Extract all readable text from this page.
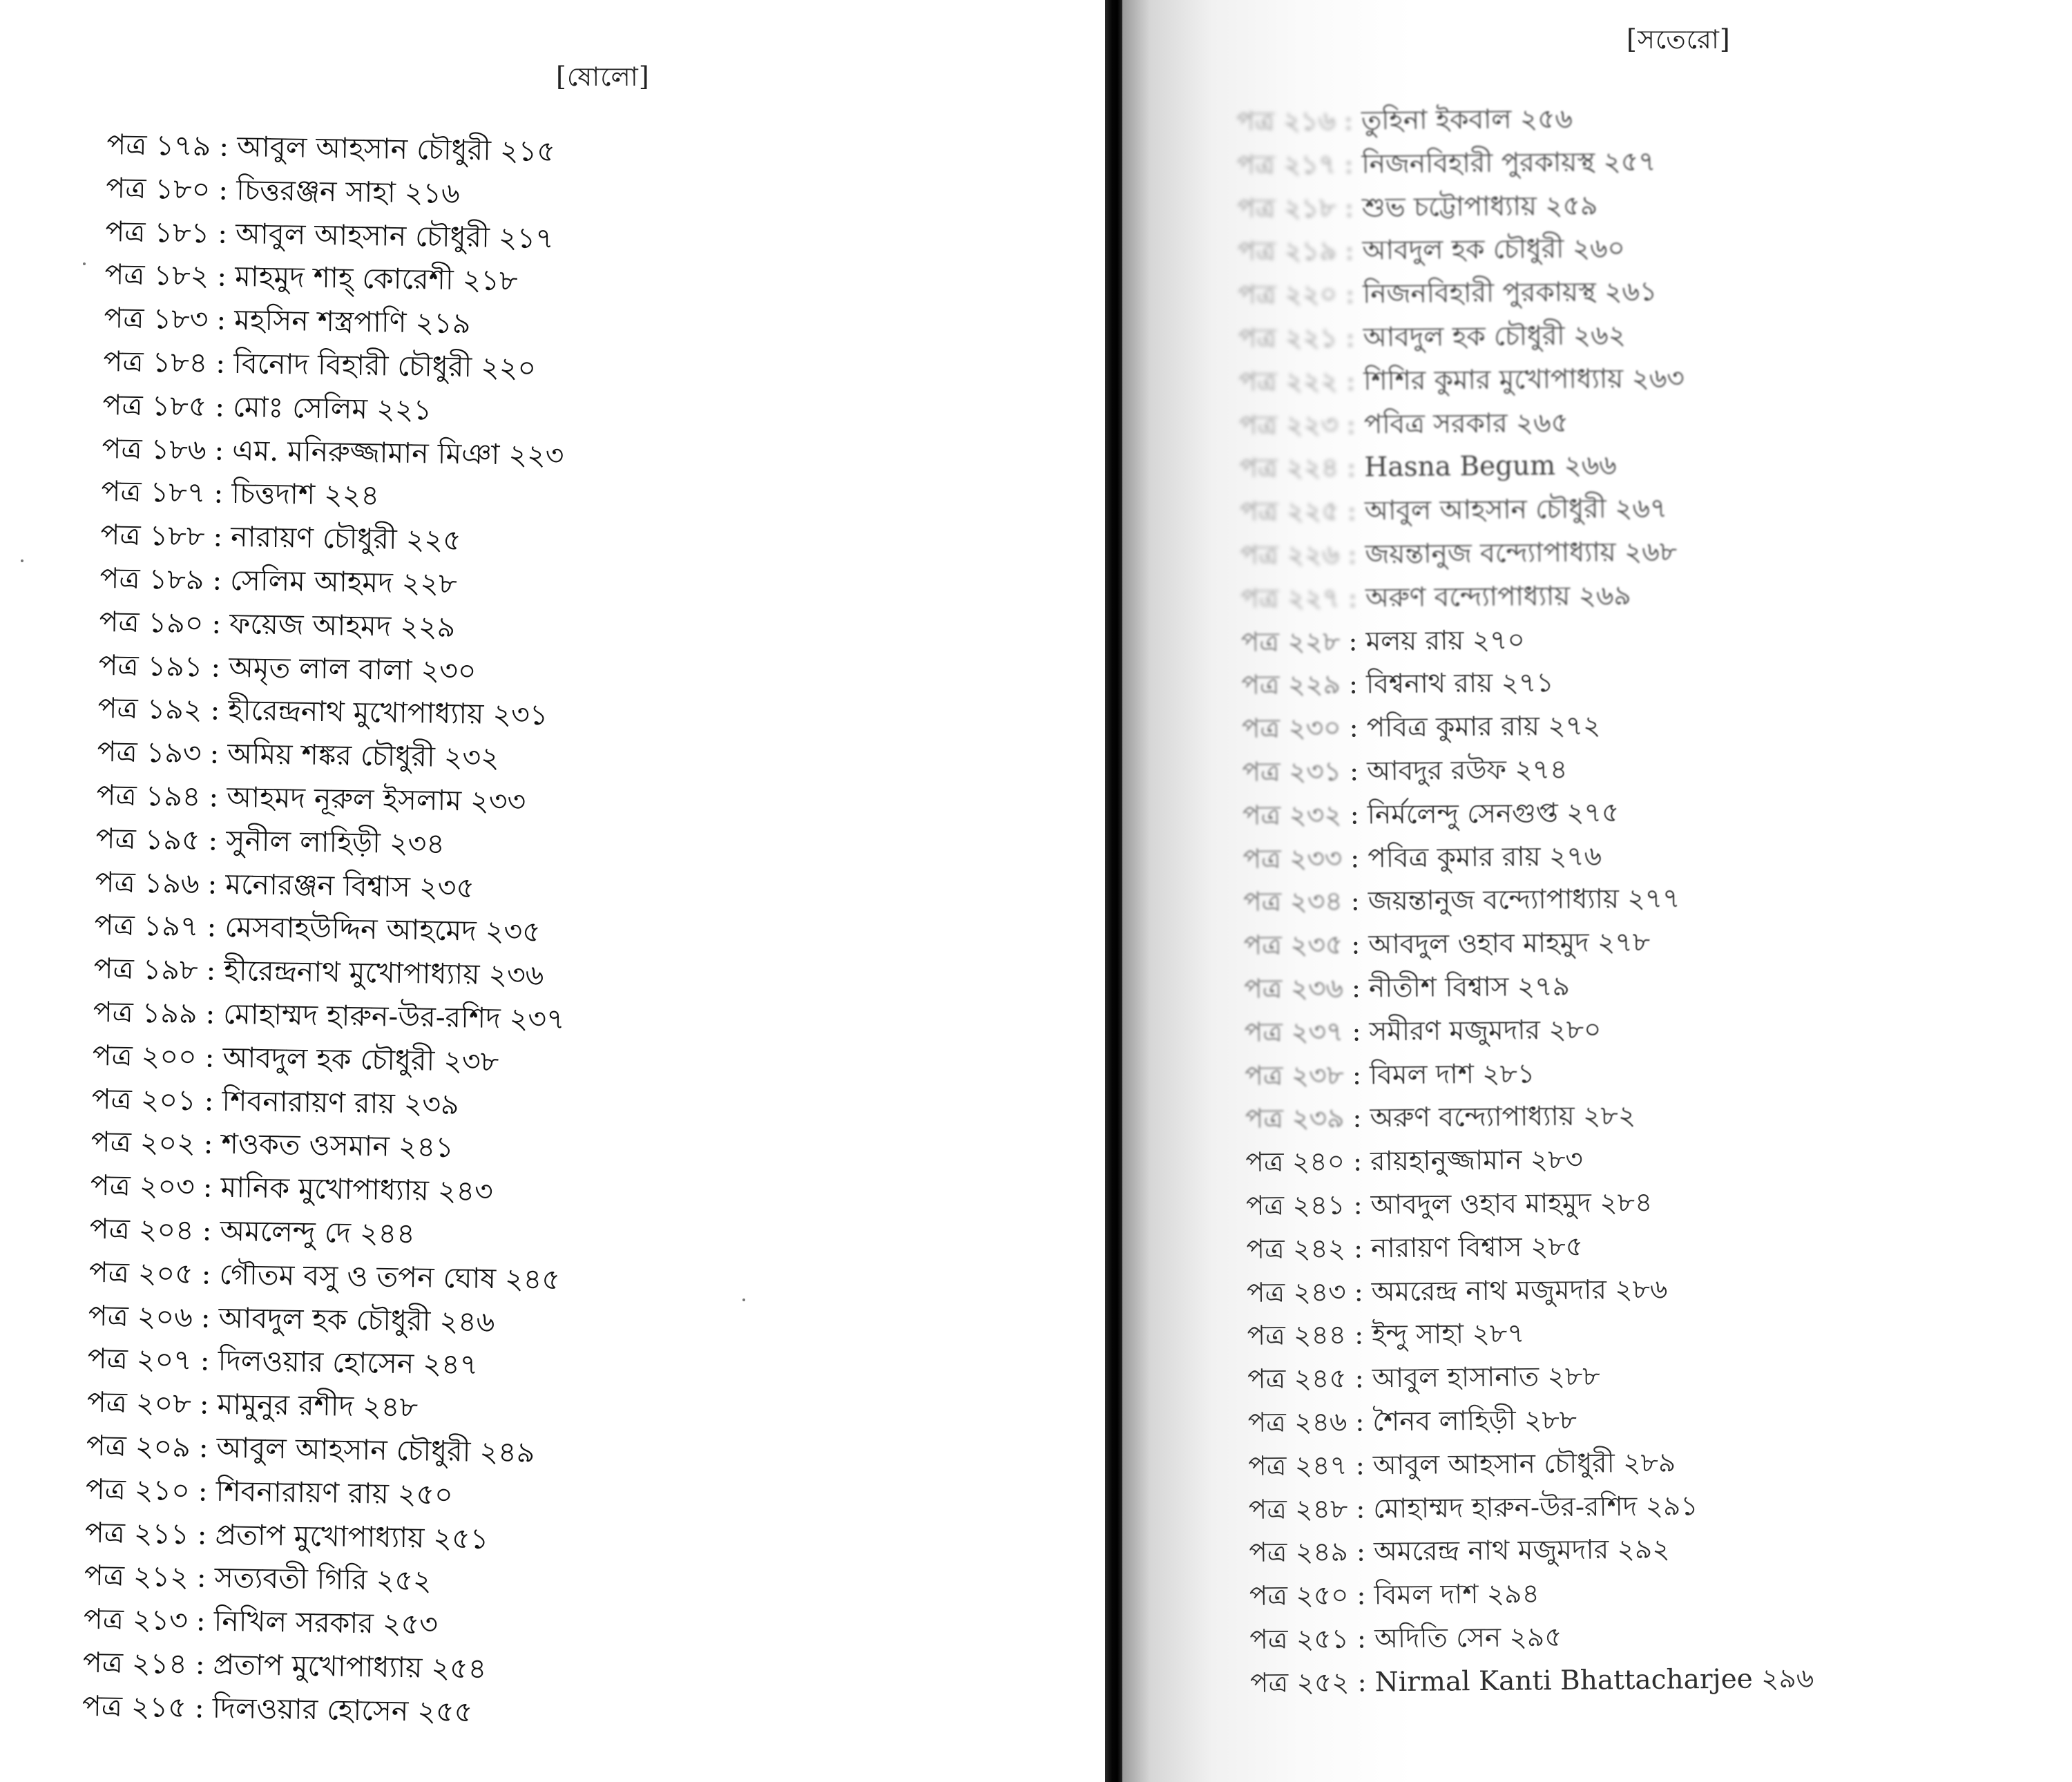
[ষোলো]
পত্র ১৭৯ : আবুল আহসান চৌধুরী ২১৫
পত্র ১৮০ : চিত্তরঞ্জন সাহা ২১৬
পত্র ১৮১ : আবুল আহসান চৌধুরী ২১৭
পত্র ১৮২ : মাহমুদ শাহ্ কোরেশী ২১৮
পত্র ১৮৩ : মহসিন শস্ত্রপাণি ২১৯
পত্র ১৮৪ : বিনোদ বিহারী চৌধুরী ২২০
পত্র ১৮৫ : মোঃ সেলিম ২২১
পত্র ১৮৬ : এম. মনিরুজ্জামান মিঞা ২২৩
পত্র ১৮৭ : চিত্তদাশ ২২৪
পত্র ১৮৮ : নারায়ণ চৌধুরী ২২৫
পত্র ১৮৯ : সেলিম আহমদ ২২৮
পত্র ১৯০ : ফয়েজ আহমদ ২২৯
পত্র ১৯১ : অমৃত লাল বালা ২৩০
পত্র ১৯২ : হীরেন্দ্রনাথ মুখোপাধ্যায় ২৩১
পত্র ১৯৩ : অমিয় শঙ্কর চৌধুরী ২৩২
পত্র ১৯৪ : আহমদ নূরুল ইসলাম ২৩৩
পত্র ১৯৫ : সুনীল লাহিড়ী ২৩৪
পত্র ১৯৬ : মনোরঞ্জন বিশ্বাস ২৩৫
পত্র ১৯৭ : মেসবাহউদ্দিন আহমেদ ২৩৫
পত্র ১৯৮ : হীরেন্দ্রনাথ মুখোপাধ্যায় ২৩৬
পত্র ১৯৯ : মোহাম্মদ হারুন-উর-রশিদ ২৩৭
পত্র ২০০ : আবদুল হক চৌধুরী ২৩৮
পত্র ২০১ : শিবনারায়ণ রায় ২৩৯
পত্র ২০২ : শওকত ওসমান ২৪১
পত্র ২০৩ : মানিক মুখোপাধ্যায় ২৪৩
পত্র ২০৪ : অমলেন্দু দে ২৪৪
পত্র ২০৫ : গৌতম বসু ও তপন ঘোষ ২৪৫
পত্র ২০৬ : আবদুল হক চৌধুরী ২৪৬
পত্র ২০৭ : দিলওয়ার হোসেন ২৪৭
পত্র ২০৮ : মামুনুর রশীদ ২৪৮
পত্র ২০৯ : আবুল আহসান চৌধুরী ২৪৯
পত্র ২১০ : শিবনারায়ণ রায় ২৫০
পত্র ২১১ : প্রতাপ মুখোপাধ্যায় ২৫১
পত্র ২১২ : সত্যবতী গিরি ২৫২
পত্র ২১৩ : নিখিল সরকার ২৫৩
পত্র ২১৪ : প্রতাপ মুখোপাধ্যায় ২৫৪
পত্র ২১৫ : দিলওয়ার হোসেন ২৫৫
[সতেরো]
পত্র ২১৬ : তুহিনা ইকবাল ২৫৬
পত্র ২১৭ : নিজনবিহারী পুরকায়স্থ ২৫৭
পত্র ২১৮ : শুভ চট্টোপাধ্যায় ২৫৯
পত্র ২১৯ : আবদুল হক চৌধুরী ২৬০
পত্র ২২০ : নিজনবিহারী পুরকায়স্থ ২৬১
পত্র ২২১ : আবদুল হক চৌধুরী ২৬২
পত্র ২২২ : শিশির কুমার মুখোপাধ্যায় ২৬৩
পত্র ২২৩ : পবিত্র সরকার ২৬৫
পত্র ২২৪ : Hasna Begum ২৬৬
পত্র ২২৫ : আবুল আহসান চৌধুরী ২৬৭
পত্র ২২৬ : জয়ন্তানুজ বন্দ্যোপাধ্যায় ২৬৮
পত্র ২২৭ : অরুণ বন্দ্যোপাধ্যায় ২৬৯
পত্র ২২৮ : মলয় রায় ২৭০
পত্র ২২৯ : বিশ্বনাথ রায় ২৭১
পত্র ২৩০ : পবিত্র কুমার রায় ২৭২
পত্র ২৩১ : আবদুর রউফ ২৭৪
পত্র ২৩২ : নির্মলেন্দু সেনগুপ্ত ২৭৫
পত্র ২৩৩ : পবিত্র কুমার রায় ২৭৬
পত্র ২৩৪ : জয়ন্তানুজ বন্দ্যোপাধ্যায় ২৭৭
পত্র ২৩৫ : আবদুল ওহাব মাহমুদ ২৭৮
পত্র ২৩৬ : নীতীশ বিশ্বাস ২৭৯
পত্র ২৩৭ : সমীরণ মজুমদার ২৮০
পত্র ২৩৮ : বিমল দাশ ২৮১
পত্র ২৩৯ : অরুণ বন্দ্যোপাধ্যায় ২৮২
পত্র ২৪০ : রায়হানুজ্জামান ২৮৩
পত্র ২৪১ : আবদুল ওহাব মাহমুদ ২৮৪
পত্র ২৪২ : নারায়ণ বিশ্বাস ২৮৫
পত্র ২৪৩ : অমরেন্দ্র নাথ মজুমদার ২৮৬
পত্র ২৪৪ : ইন্দু সাহা ২৮৭
পত্র ২৪৫ : আবুল হাসানাত ২৮৮
পত্র ২৪৬ : শৈনব লাহিড়ী ২৮৮
পত্র ২৪৭ : আবুল আহসান চৌধুরী ২৮৯
পত্র ২৪৮ : মোহাম্মদ হারুন-উর-রশিদ ২৯১
পত্র ২৪৯ : অমরেন্দ্র নাথ মজুমদার ২৯২
পত্র ২৫০ : বিমল দাশ ২৯৪
পত্র ২৫১ : অদিতি সেন ২৯৫
পত্র ২৫২ : Nirmal Kanti Bhattacharjee ২৯৬
